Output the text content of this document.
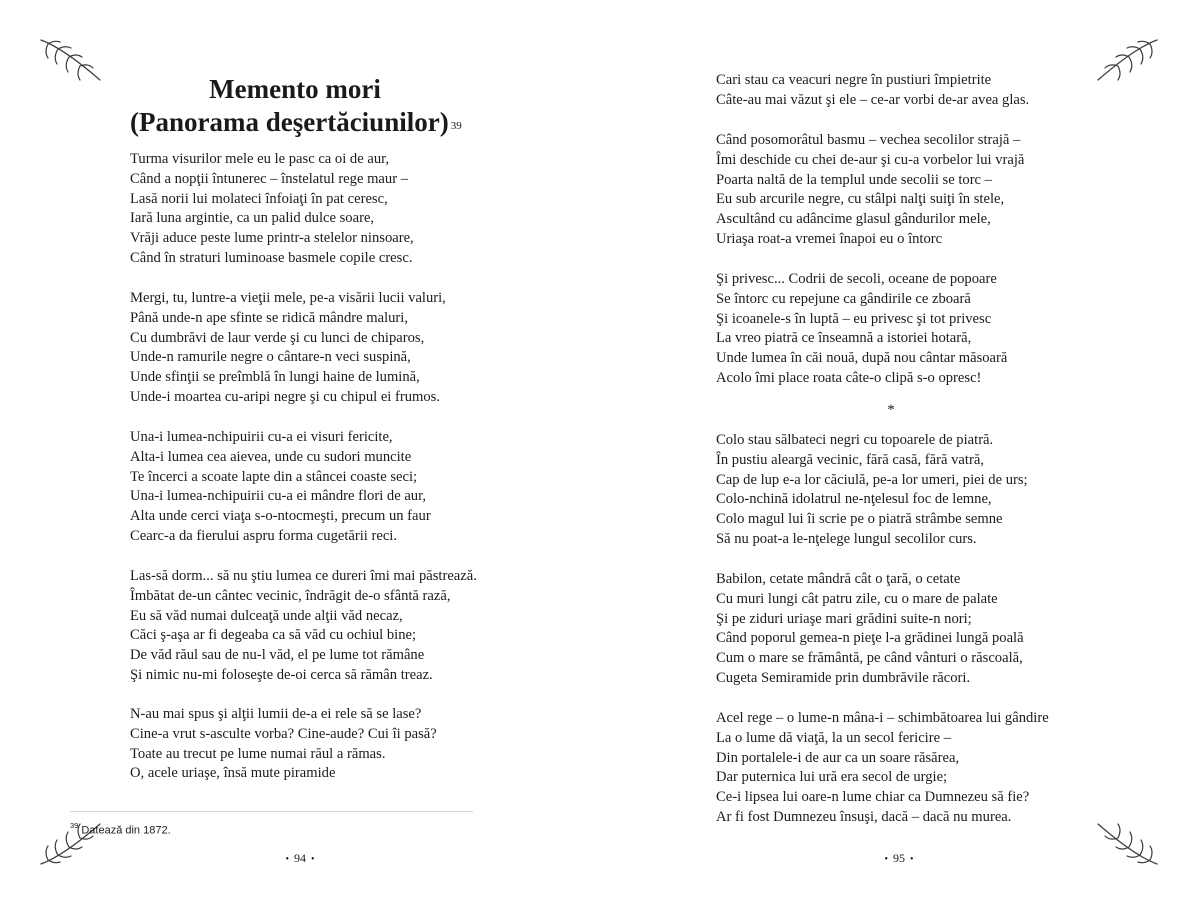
Memento mori
(Panorama deşertăciunilor) $^{39}$
Turma visurilor mele eu le pasc ca oi de aur,
Când a nopţii întunerec – înstelatul rege maur –
Lasă norii lui molateci înfoiaţi în pat ceresc,
Iară luna argintie, ca un palid dulce soare,
Vrăji aduce peste lume printr-a stelelor ninsoare,
Când în straturi luminoase basmele copile cresc.
Mergi, tu, luntre-a vieţii mele, pe-a visării lucii valuri,
Până unde-n ape sfinte se ridică mândre maluri,
Cu dumbrăvi de laur verde şi cu lunci de chiparos,
Unde-n ramurile negre o cântare-n veci suspină,
Unde sfinţii se preîmblă în lungi haine de lumină,
Unde-i moartea cu-aripi negre şi cu chipul ei frumos.
Una-i lumea-nchipuirii cu-a ei visuri fericite,
Alta-i lumea cea aievea, unde cu sudori muncite
Te încerci a scoate lapte din a stâncei coaste seci;
Una-i lumea-nchipuirii cu-a ei mândre flori de aur,
Alta unde cerci viaţa s-o-ntocmeşti, precum un faur
Cearc-a da fierului aspru forma cugetării reci.
Las-să dorm... să nu ştiu lumea ce dureri îmi mai păstrează.
Îmbătat de-un cântec vecinic, îndrăgit de-o sfântă rază,
Eu să văd numai dulceaţă unde alţii văd necaz,
Căci ş-aşa ar fi degeaba ca să văd cu ochiul bine;
De văd răul sau de nu-l văd, el pe lume tot rămâne
Şi nimic nu-mi foloseşte de-oi cerca să rămân treaz.
N-au mai spus şi alţii lumii de-a ei rele să se lase?
Cine-a vrut s-asculte vorba? Cine-aude? Cui îi pasă?
Toate au trecut pe lume numai răul a rămas.
O, acele uriaşe, însă mute piramide
$^{39}$ Datează din 1872.
• 94 •
Cari stau ca veacuri negre în pustiuri împietrite
Câte-au mai văzut şi ele – ce-ar vorbi de-ar avea glas.
Când posomorâtul basmu – vechea secolilor strajă –
Îmi deschide cu chei de-aur şi cu-a vorbelor lui vrajă
Poarta naltă de la templul unde secolii se torc –
Eu sub arcurile negre, cu stâlpi nalţi suiţi în stele,
Ascultând cu adâncime glasul gândurilor mele,
Uriaşa roat-a vremei înapoi eu o întorc
Şi privesc... Codrii de secoli, oceane de popoare
Se întorc cu repejune ca gândirile ce zboară
Şi icoanele-s în luptă – eu privesc şi tot privesc
La vreo piatră ce înseamnă a istoriei hotară,
Unde lumea în căi nouă, după nou cântar măsoară
Acolo îmi place roata câte-o clipă s-o opresc!
*
Colo stau sălbateci negri cu topoarele de piatră.
În pustiu aleargă vecinic, fără casă, fără vatră,
Cap de lup e-a lor căciulă, pe-a lor umeri, piei de urs;
Colo-nchină idolatrul ne-nţelesul foc de lemne,
Colo magul lui îi scrie pe o piatră strâmbe semne
Să nu poat-a le-nţelege lungul secolilor curs.
Babilon, cetate mândră cât o ţară, o cetate
Cu muri lungi cât patru zile, cu o mare de palate
Şi pe ziduri uriaşe mari grădini suite-n nori;
Când poporul gemea-n pieţe l-a grădinei lungă poală
Cum o mare se frământă, pe când vânturi o răscoală,
Cugeta Semiramide prin dumbrăvile răcori.
Acel rege – o lume-n mâna-i – schimbătoarea lui gândire
La o lume dă viaţă, la un secol fericire –
Din portalele-i de aur ca un soare răsărea,
Dar puternica lui ură era secol de urgie;
Ce-i lipsea lui oare-n lume chiar ca Dumnezeu să fie?
Ar fi fost Dumnezeu însuşi, dacă – dacă nu murea.
• 95 •
